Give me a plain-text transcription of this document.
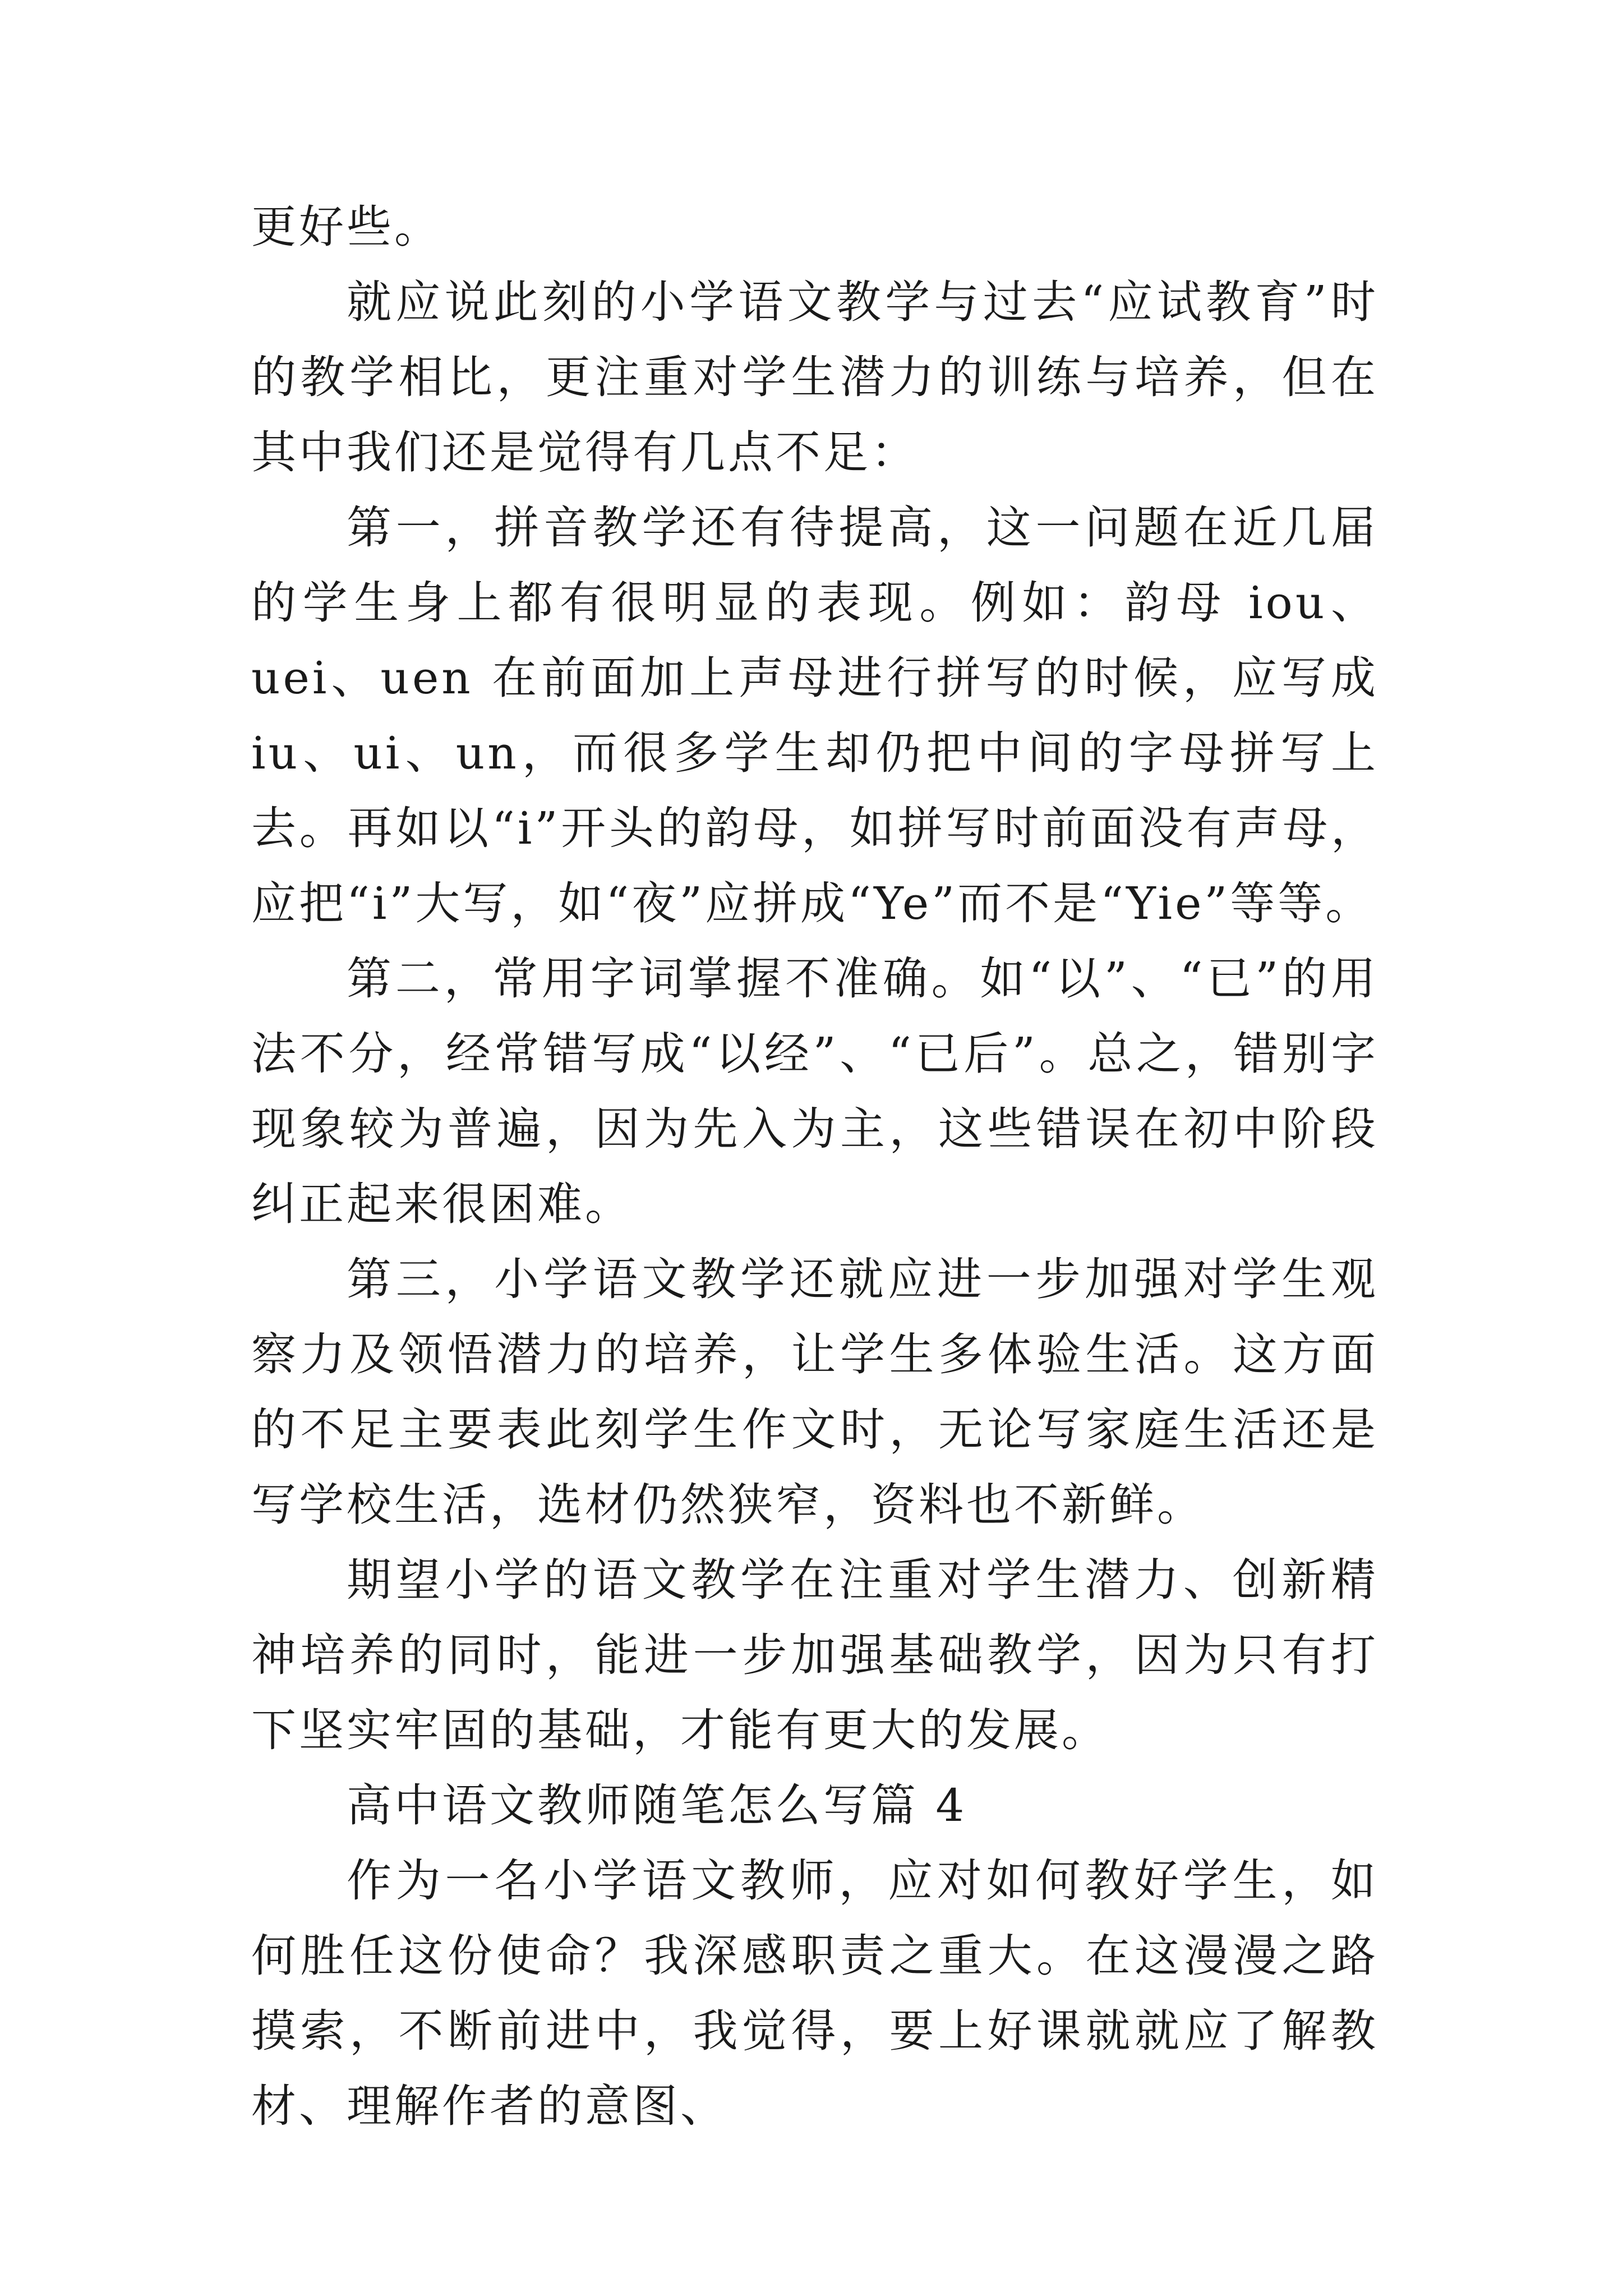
更好些。

就应说此刻的小学语文教学与过去“应试教育”时的教学相比，更注重对学生潜力的训练与培养，但在其中我们还是觉得有几点不足：

第一，拼音教学还有待提高，这一问题在近几届的学生身上都有很明显的表现。例如：韵母 iou、uei、uen 在前面加上声母进行拼写的时候，应写成 iu、ui、un，而很多学生却仍把中间的字母拼写上去。再如以“i”开头的韵母，如拼写时前面没有声母，应把“i”大写，如“夜”应拼成“Ye”而不是“Yie”等等。

第二，常用字词掌握不准确。如“以”、“已”的用法不分，经常错写成“以经”、“已后”。总之，错别字现象较为普遍，因为先入为主，这些错误在初中阶段纠正起来很困难。

第三，小学语文教学还就应进一步加强对学生观察力及领悟潜力的培养，让学生多体验生活。这方面的不足主要表此刻学生作文时，无论写家庭生活还是写学校生活，选材仍然狭窄，资料也不新鲜。

期望小学的语文教学在注重对学生潜力、创新精神培养的同时，能进一步加强基础教学，因为只有打下坚实牢固的基础，才能有更大的发展。

高中语文教师随笔怎么写篇 4

作为一名小学语文教师，应对如何教好学生，如何胜任这份使命？我深感职责之重大。在这漫漫之路摸索，不断前进中，我觉得，要上好课就就应了解教材、理解作者的意图、
